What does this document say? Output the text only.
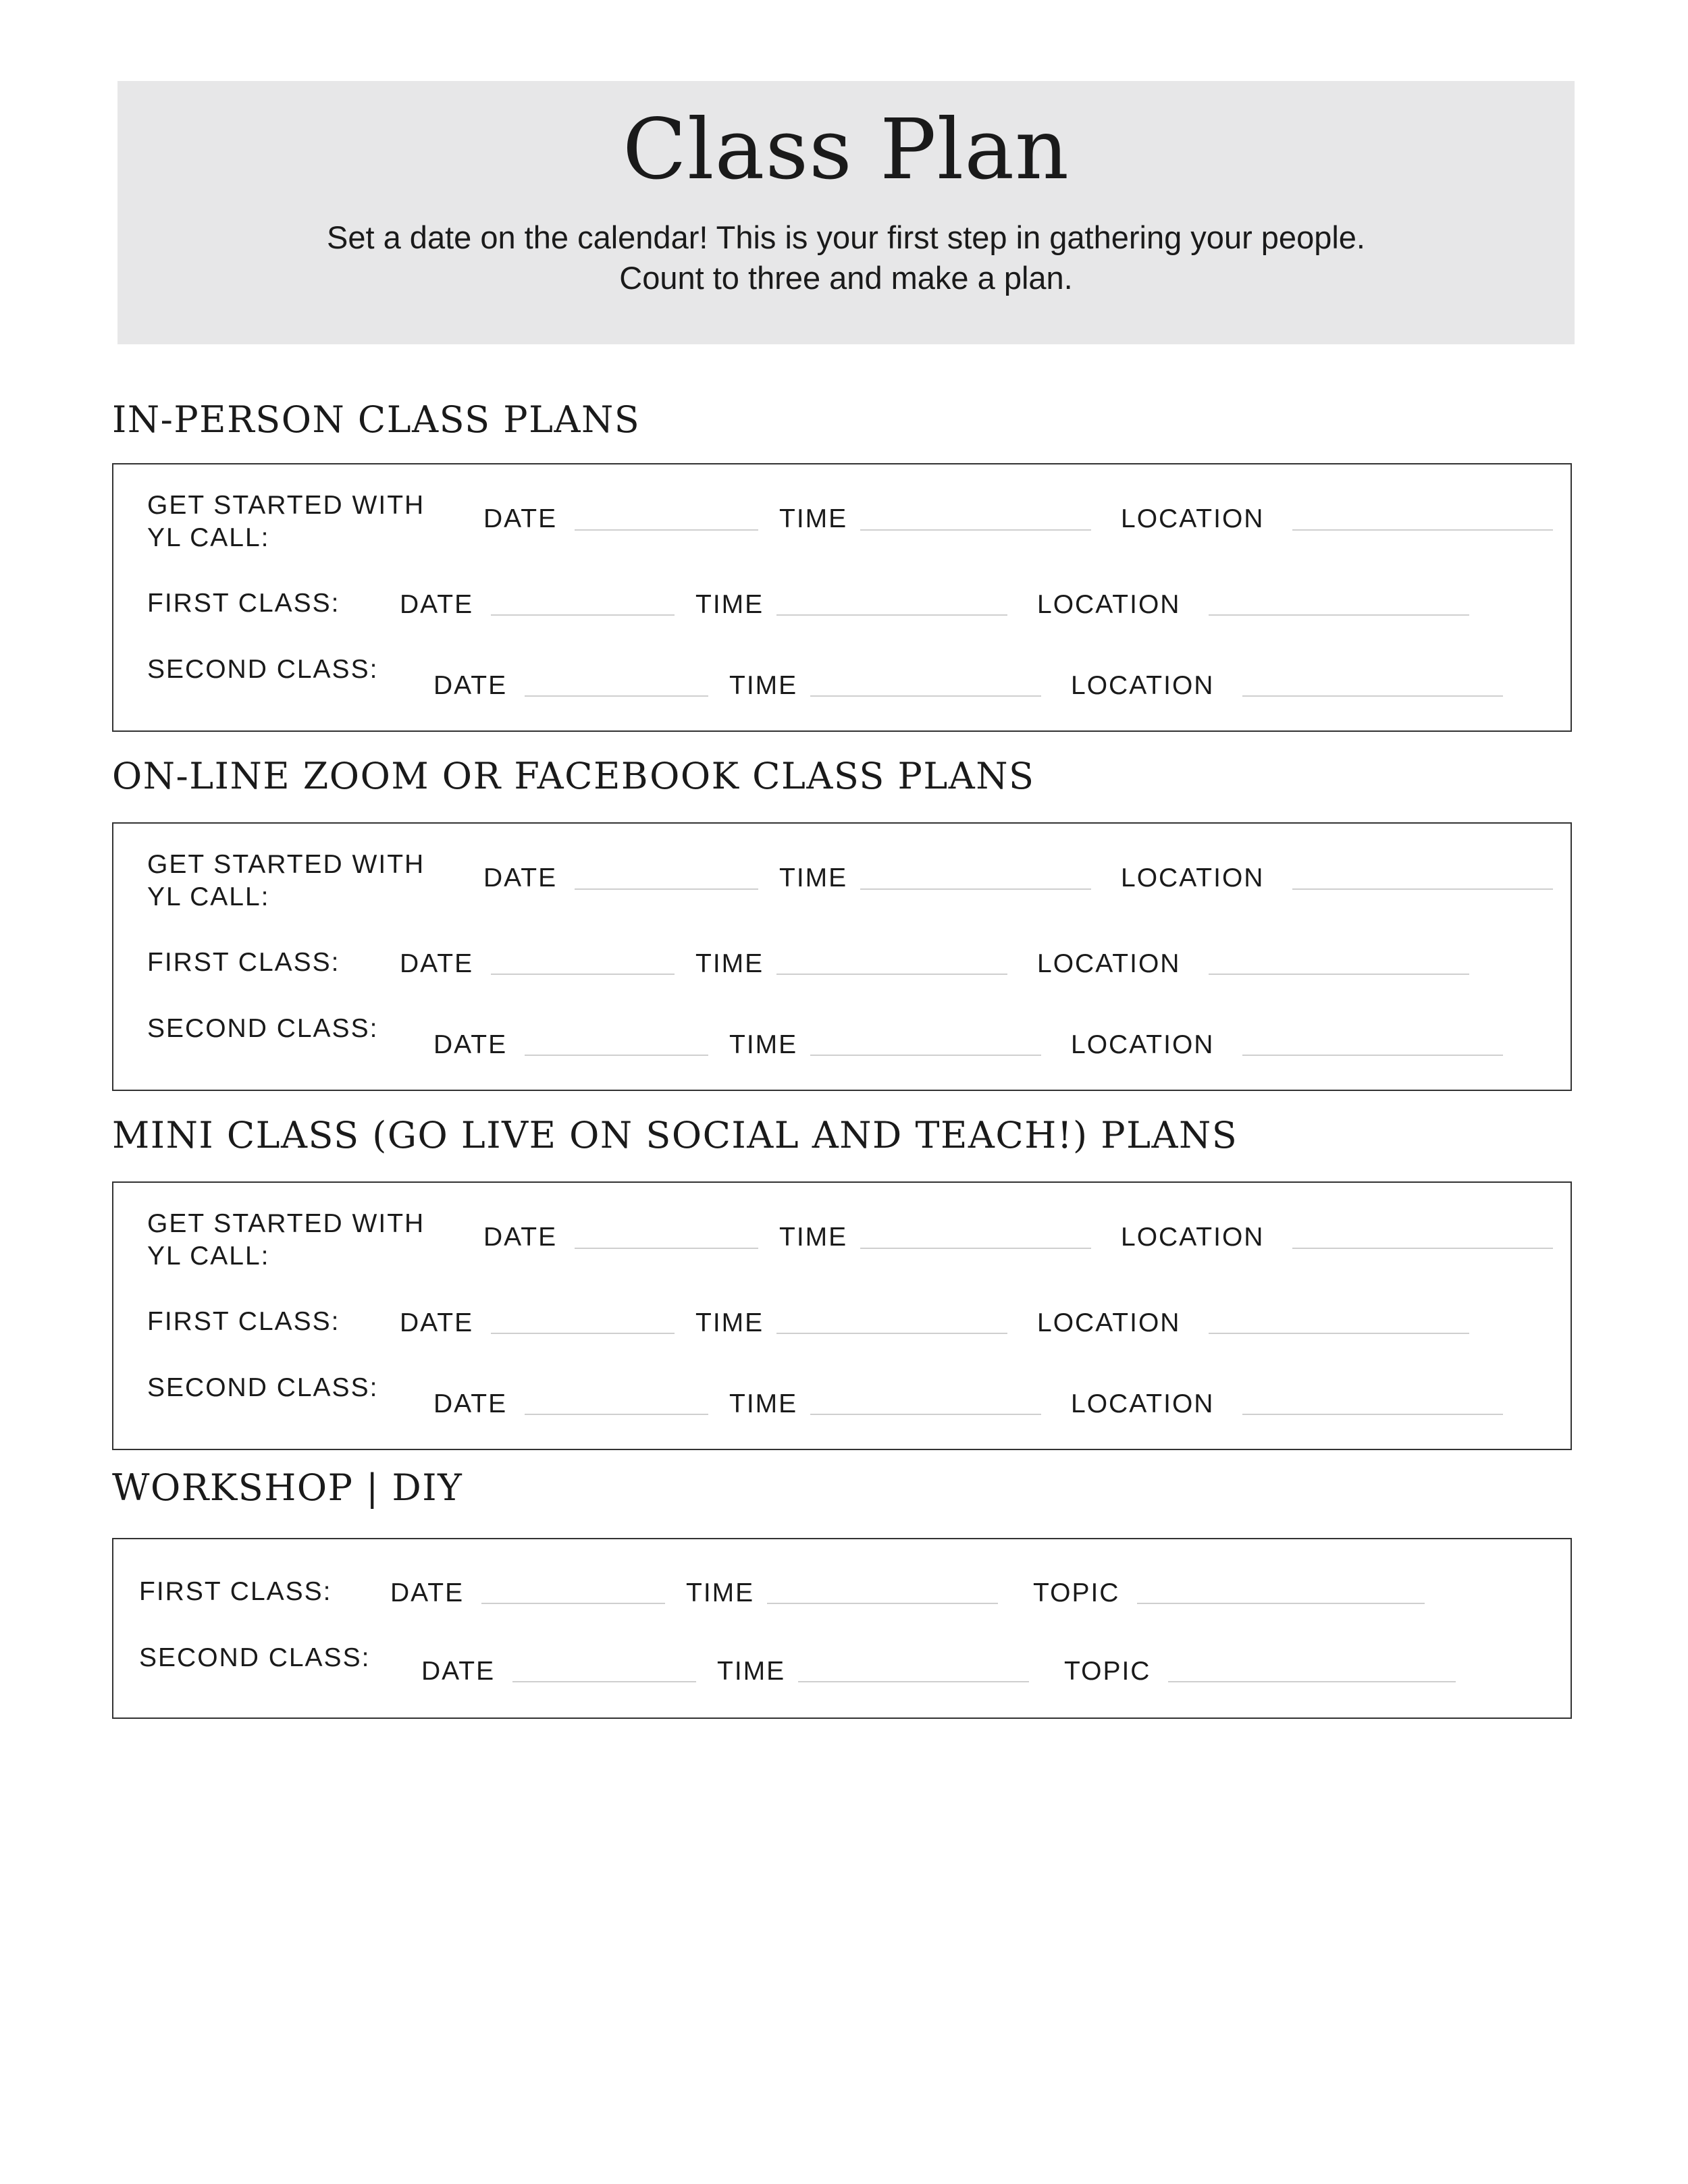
Class Plan
Set a date on the calendar! This is your first step in gathering your people.
Count to three and make a plan.
IN-PERSON CLASS PLANS
GET STARTED WITH
YL CALL:
DATE	TIME	LOCATION
FIRST CLASS: DATE	TIME	LOCATION
SECOND CLASS:
DATE	TIME	LOCATION
ON-LINE ZOOM OR FACEBOOK CLASS PLANS
GET STARTED WITH
YL CALL:
DATE	TIME	LOCATION
FIRST CLASS: DATE	TIME	LOCATION
SECOND CLASS:
DATE	TIME	LOCATION
MINI CLASS (GO LIVE ON SOCIAL AND TEACH!) PLANS
GET STARTED WITH
YL CALL:
DATE	TIME	LOCATION
FIRST CLASS: DATE	TIME	LOCATION
SECOND CLASS:
DATE	TIME	LOCATION
WORKSHOP | DIY
FIRST CLASS: DATE	TIME	TOPIC
SECOND CLASS: DATE	TIME	TOPIC
